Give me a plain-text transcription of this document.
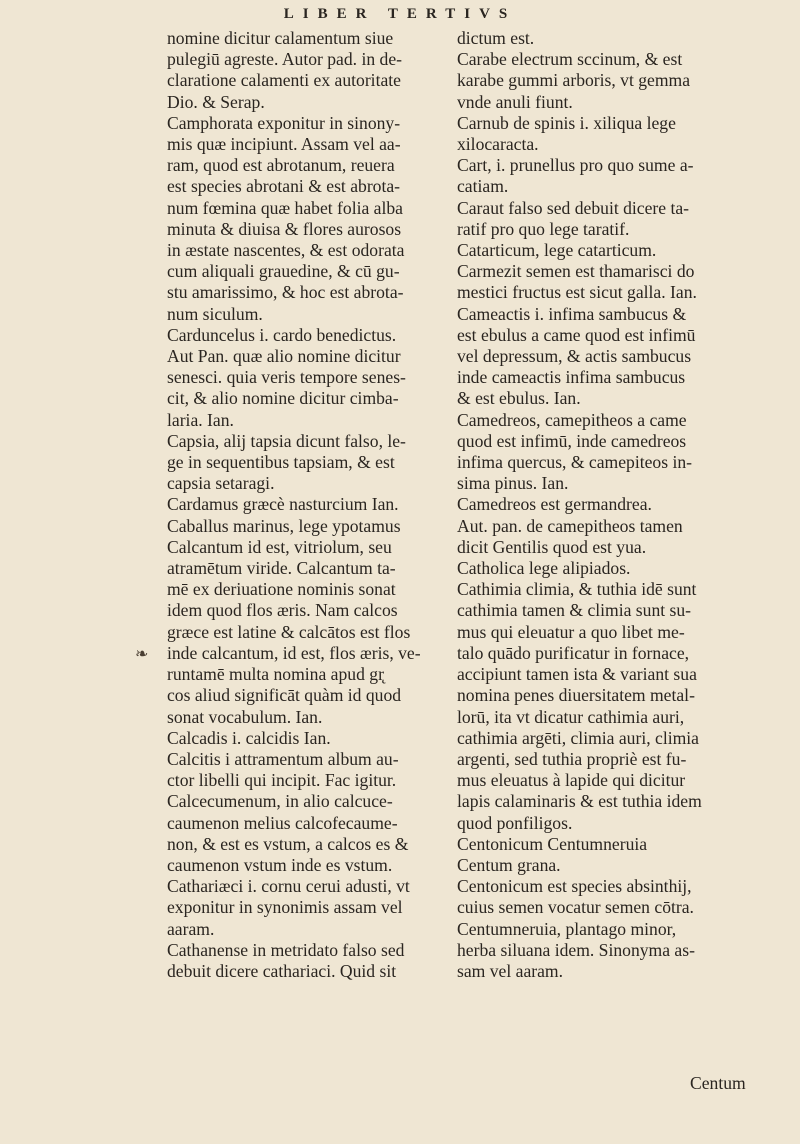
LIBER TERTIVS
❧
nomine dicitur calamentum siue
pulegiū agreste. Autor pad. in de-
claratione calamenti ex autoritate
Dio. & Serap.
Camphorata exponitur in sinony-
mis quæ incipiunt. Assam vel aa-
ram, quod est abrotanum, reuera
est species abrotani & est abrota-
num fœmina quæ habet folia alba
minuta & diuisa & flores aurosos
in æstate nascentes, & est odorata
cum aliquali grauedine, & cū gu-
stu amarissimo, & hoc est abrota-
num siculum.
Carduncelus i. cardo benedictus.
Aut Pan. quæ alio nomine dicitur
senesci. quia veris tempore senes-
cit, & alio nomine dicitur cimba-
laria. Ian.
Capsia, alij tapsia dicunt falso, le-
ge in sequentibus tapsiam, & est
capsia setaragi.
Cardamus græcè nasturcium Ian.
Caballus marinus, lege ypotamus
Calcantum id est, vitriolum, seu
atramētum viride. Calcantum ta-
mē ex deriuatione nominis sonat
idem quod flos æris. Nam calcos
græce est latine & calcātos est flos
inde calcantum, id est, flos æris, ve-
runtamē multa nomina apud gr̨
cos aliud significāt quàm id quod
sonat vocabulum. Ian.
Calcadis i. calcidis Ian.
Calcitis i attramentum album au-
ctor libelli qui incipit. Fac igitur.
Calcecumenum, in alio calcuce-
caumenon melius calcofecaume-
non, & est es vstum, a calcos es &
caumenon vstum inde es vstum.
Cathariæci i. cornu cerui adusti, vt
exponitur in synonimis assam vel
aaram.
Cathanense in metridato falso sed
debuit dicere cathariaci. Quid sit
dictum est.
Carabe electrum sccinum, & est
karabe gummi arboris, vt gemma
vnde anuli fiunt.
Carnub de spinis i. xiliqua lege
xilocaracta.
Cart, i. prunellus pro quo sume a-
catiam.
Caraut falso sed debuit dicere ta-
ratif pro quo lege taratif.
Catarticum, lege catarticum.
Carmezit semen est thamarisci do
mestici fructus est sicut galla. Ian.
Cameactis i. infima sambucus &
est ebulus a came quod est infimū
vel depressum, & actis sambucus
inde cameactis infima sambucus
& est ebulus. Ian.
Camedreos, camepitheos a came
quod est infimū, inde camedreos
infima quercus, & camepiteos in-
sima pinus. Ian.
Camedreos est germandrea.
Aut. pan. de camepitheos tamen
dicit Gentilis quod est yua.
Catholica lege alipiados.
Cathimia climia, & tuthia idē sunt
cathimia tamen & climia sunt su-
mus qui eleuatur a quo libet me-
talo quādo purificatur in fornace,
accipiunt tamen ista & variant sua
nomina penes diuersitatem metal-
lorū, ita vt dicatur cathimia auri,
cathimia argēti, climia auri, climia
argenti, sed tuthia propriè est fu-
mus eleuatus à lapide qui dicitur
lapis calaminaris & est tuthia idem
quod ponfiligos.
Centonicum Centumneruia
Centum grana.
Centonicum est species absinthij,
cuius semen vocatur semen cōtra.
Centumneruia, plantago minor,
herba siluana idem. Sinonyma as-
sam vel aaram.
Centum
